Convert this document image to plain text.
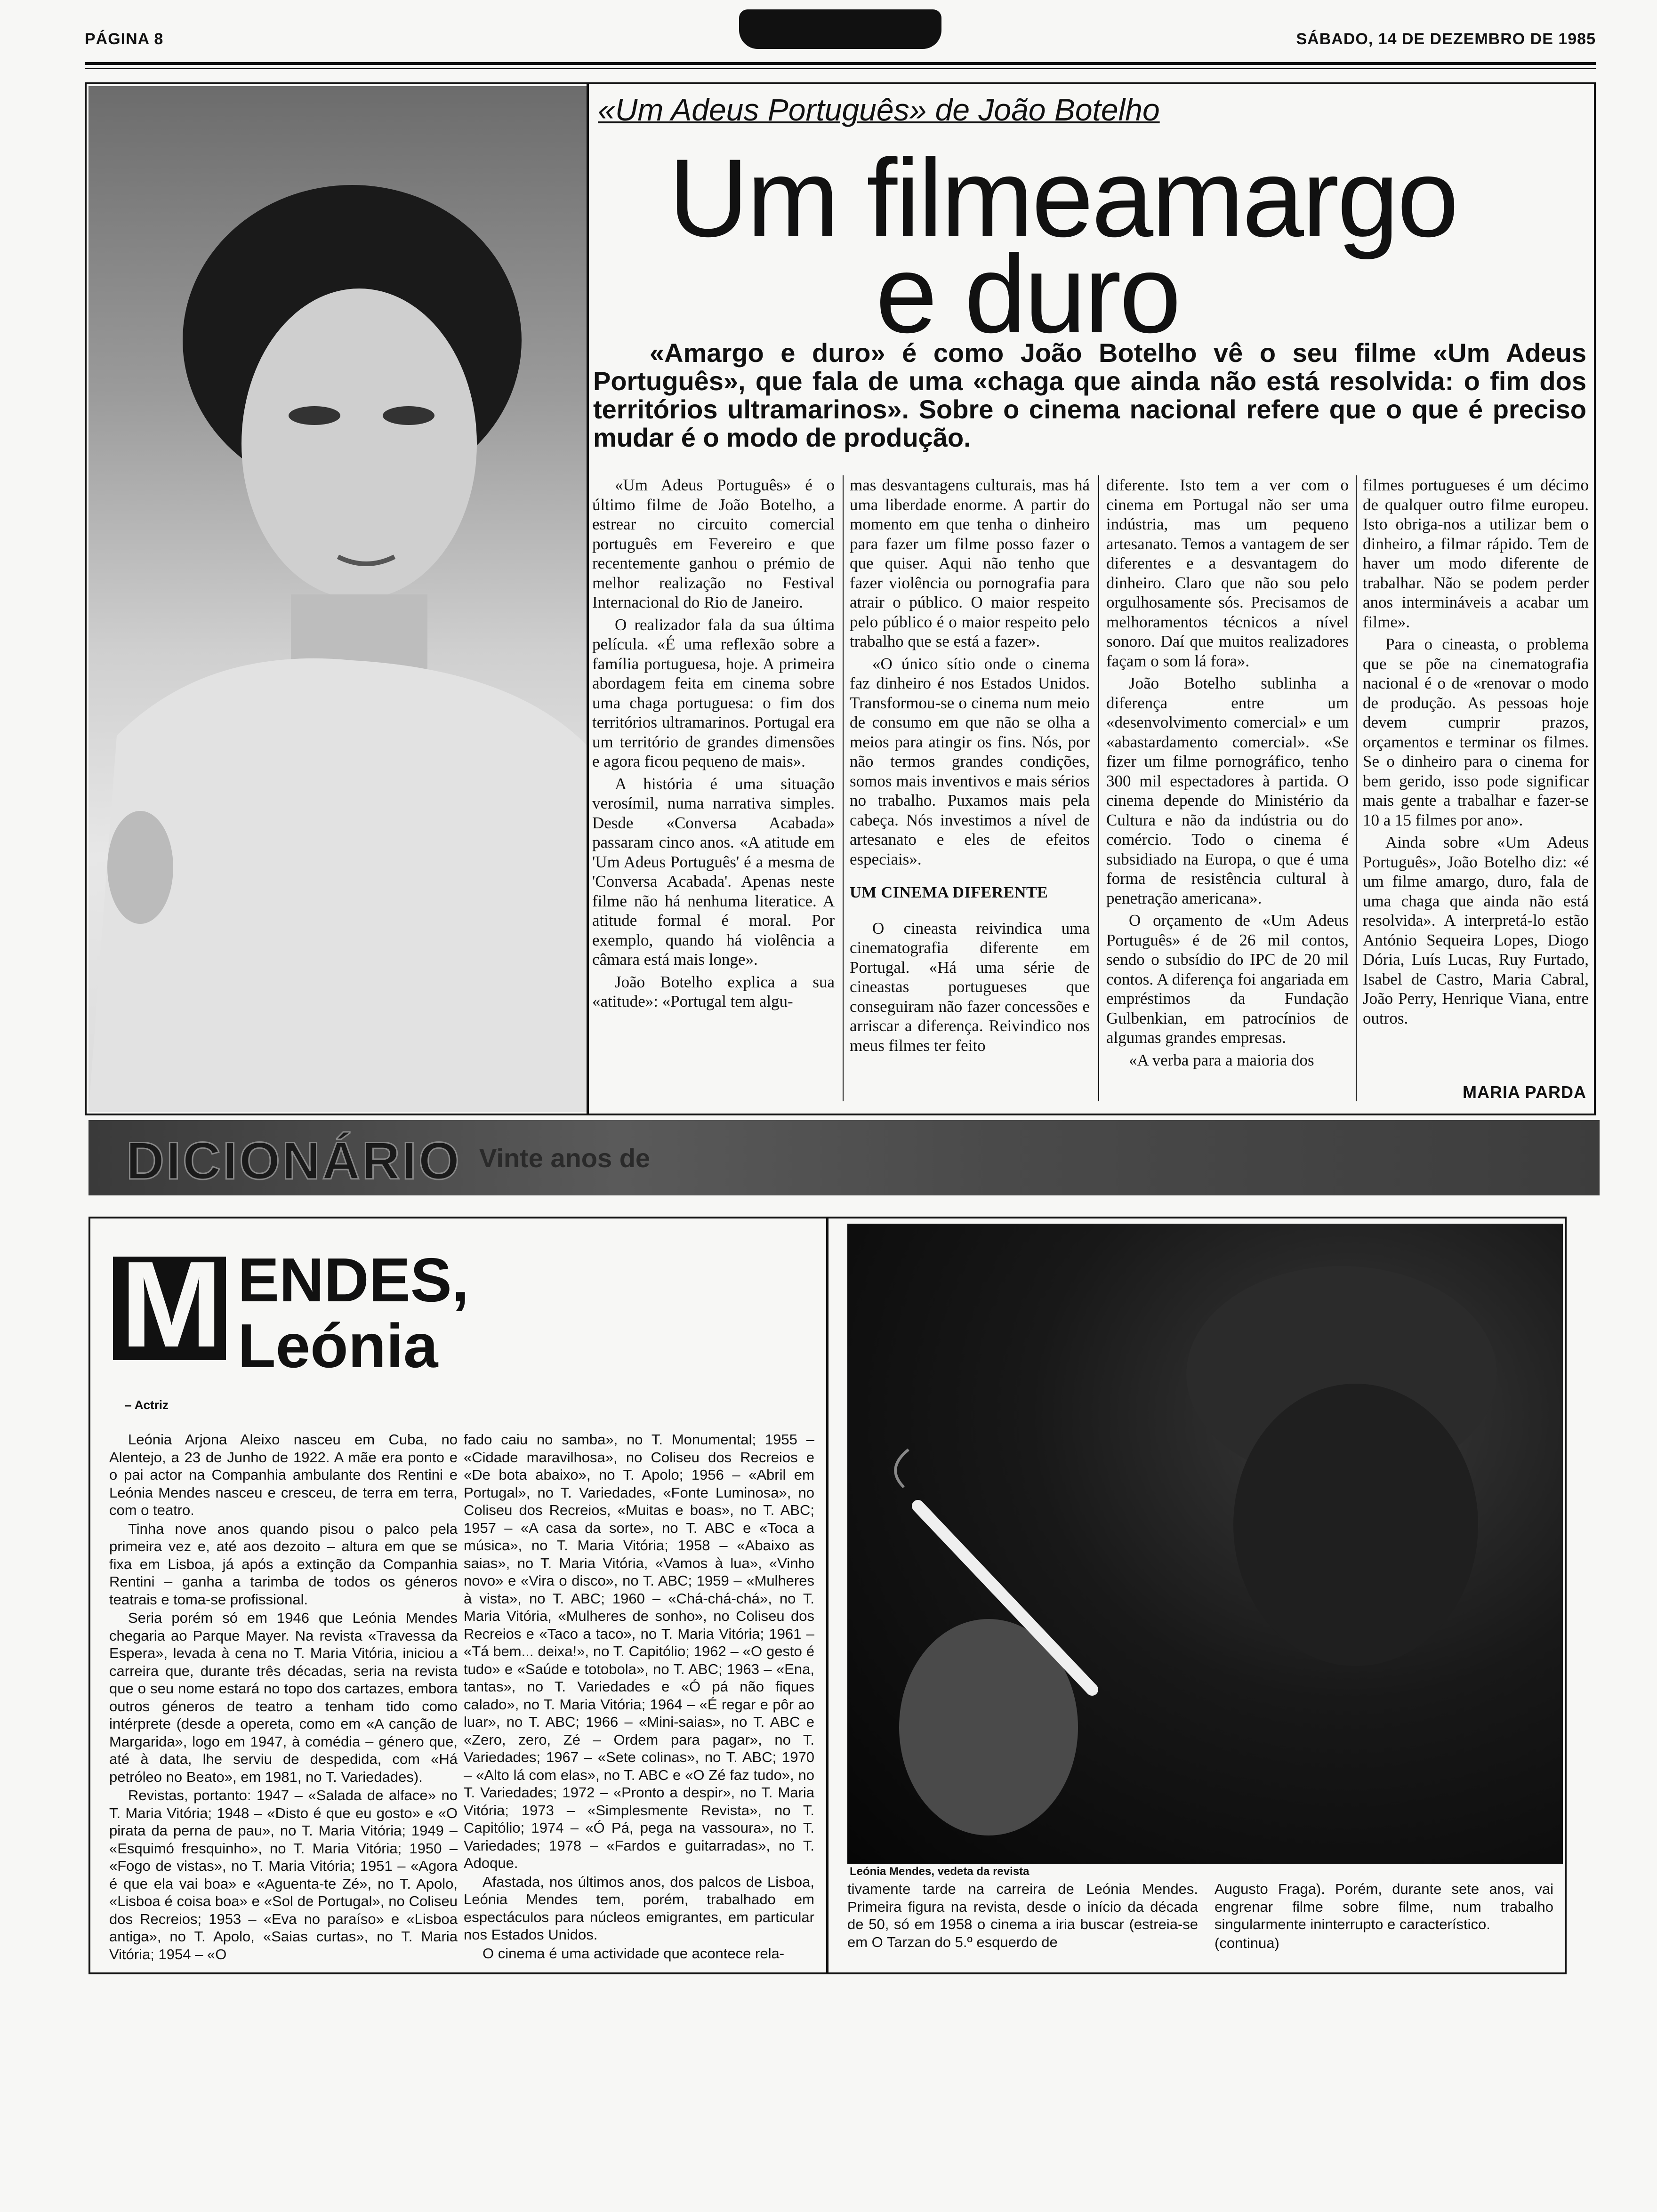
PÁGINA 8	SÁBADO, 14 DE DEZEMBRO DE 1985
«Um Adeus Português» de João Botelho
Um filmeamargo
e duro
«Amargo e duro» é como João Botelho vê o seu filme «Um Adeus Português», que fala de uma «chaga que ainda não está resolvida: o fim dos territórios ultramarinos». Sobre o cinema nacional refere que o que é preciso mudar é o modo de produção.

«Um Adeus Português» é o último filme de João Botelho, a estrear no circuito comercial português em Fevereiro e que recentemente ganhou o prémio de melhor realização no Festival Internacional do Rio de Janeiro.

O realizador fala da sua última película. «É uma reflexão sobre a família portuguesa, hoje. A primeira abordagem feita em cinema sobre uma chaga portuguesa: o fim dos territórios ultramarinos. Portugal era um território de grandes dimensões e agora ficou pequeno de mais».

A história é uma situação verosímil, numa narrativa simples. Desde «Conversa Acabada» passaram cinco anos. «A atitude em 'Um Adeus Português' é a mesma de 'Conversa Acabada'. Apenas neste filme não há nenhuma literatice. A atitude formal é moral. Por exemplo, quando há violência a câmara está mais longe».

João Botelho explica a sua «atitude»: «Portugal tem algu-

mas desvantagens culturais, mas há uma liberdade enorme. A partir do momento em que tenha o dinheiro para fazer um filme posso fazer o que quiser. Aqui não tenho que fazer violência ou pornografia para atrair o público. O maior respeito pelo público é o maior respeito pelo trabalho que se está a fazer».

«O único sítio onde o cinema faz dinheiro é nos Estados Unidos. Transformou-se o cinema num meio de consumo em que não se olha a meios para atingir os fins. Nós, por não termos grandes condições, somos mais inventivos e mais sérios no trabalho. Puxamos mais pela cabeça. Nós investimos a nível de artesanato e eles de efeitos especiais».

UM CINEMA DIFERENTE

O cineasta reivindica uma cinematografia diferente em Portugal. «Há uma série de cineastas portugueses que conseguiram não fazer concessões e arriscar a diferença. Reivindico nos meus filmes ter feito

diferente. Isto tem a ver com o cinema em Portugal não ser uma indústria, mas um pequeno artesanato. Temos a vantagem de ser diferentes e a desvantagem do dinheiro. Claro que não sou pelo orgulhosamente sós. Precisamos de melhoramentos técnicos a nível sonoro. Daí que muitos realizadores façam o som lá fora».

João Botelho sublinha a diferença entre um «desenvolvimento comercial» e um «abastardamento comercial». «Se fizer um filme pornográfico, tenho 300 mil espectadores à partida. O cinema depende do Ministério da Cultura e não da indústria ou do comércio. Todo o cinema é subsidiado na Europa, o que é uma forma de resistência cultural à penetração americana».

O orçamento de «Um Adeus Português» é de 26 mil contos, sendo o subsídio do IPC de 20 mil contos. A diferença foi angariada em empréstimos da Fundação Gulbenkian, em patrocínios de algumas grandes empresas.

«A verba para a maioria dos

filmes portugueses é um décimo de qualquer outro filme europeu. Isto obriga-nos a utilizar bem o dinheiro, a filmar rápido. Tem de haver um modo diferente de trabalhar. Não se podem perder anos intermináveis a acabar um filme».

Para o cineasta, o problema que se põe na cinematografia nacional é o de «renovar o modo de produção. As pessoas hoje devem cumprir prazos, orçamentos e terminar os filmes. Se o dinheiro para o cinema for bem gerido, isso pode significar mais gente a trabalhar e fazer-se 10 a 15 filmes por ano».

Ainda sobre «Um Adeus Português», João Botelho diz: «é um filme amargo, duro, fala de uma chaga que ainda não está resolvida». A interpretá-lo estão António Sequeira Lopes, Diogo Dória, Luís Lucas, Ruy Furtado, Isabel de Castro, Maria Cabral, João Perry, Henrique Viana, entre outros.

MARIA PARDA
DICIONÁRIO Vinte anos de
M ENDES,
Leónia
– Actriz

Leónia Arjona Aleixo nasceu em Cuba, no Alentejo, a 23 de Junho de 1922. A mãe era ponto e o pai actor na Companhia ambulante dos Rentini e Leónia Mendes nasceu e cresceu, de terra em terra, com o teatro.

Tinha nove anos quando pisou o palco pela primeira vez e, até aos dezoito – altura em que se fixa em Lisboa, já após a extinção da Companhia Rentini – ganha a tarimba de todos os géneros teatrais e toma-se profissional.

Seria porém só em 1946 que Leónia Mendes chegaria ao Parque Mayer. Na revista «Travessa da Espera», levada à cena no T. Maria Vitória, iniciou a carreira que, durante três décadas, seria na revista que o seu nome estará no topo dos cartazes, embora outros géneros de teatro a tenham tido como intérprete (desde a opereta, como em «A canção de Margarida», logo em 1947, à comédia – género que, até à data, lhe serviu de despedida, com «Há petróleo no Beato», em 1981, no T. Variedades).

Revistas, portanto: 1947 – «Salada de alface» no T. Maria Vitória; 1948 – «Disto é que eu gosto» e «O pirata da perna de pau», no T. Maria Vitória; 1949 – «Esquimó fresquinho», no T. Maria Vitória; 1950 – «Fogo de vistas», no T. Maria Vitória; 1951 – «Agora é que ela vai boa» e «Aguenta-te Zé», no T. Apolo, «Lisboa é coisa boa» e «Sol de Portugal», no Coliseu dos Recreios; 1953 – «Eva no paraíso» e «Lisboa antiga», no T. Apolo, «Saias curtas», no T. Maria Vitória; 1954 – «O

fado caiu no samba», no T. Monumental; 1955 – «Cidade maravilhosa», no Coliseu dos Recreios e «De bota abaixo», no T. Apolo; 1956 – «Abril em Portugal», no T. Variedades, «Fonte Luminosa», no Coliseu dos Recreios, «Muitas e boas», no T. ABC; 1957 – «A casa da sorte», no T. ABC e «Toca a música», no T. Maria Vitória; 1958 – «Abaixo as saias», no T. Maria Vitória, «Vamos à lua», «Vinho novo» e «Vira o disco», no T. ABC; 1959 – «Mulheres à vista», no T. ABC; 1960 – «Chá-chá-chá», no T. Maria Vitória, «Mulheres de sonho», no Coliseu dos Recreios e «Taco a taco», no T. Maria Vitória; 1961 – «Tá bem... deixa!», no T. Capitólio; 1962 – «O gesto é tudo» e «Saúde e totobola», no T. ABC; 1963 – «Ena, tantas», no T. Variedades e «Ó pá não fiques calado», no T. Maria Vitória; 1964 – «É regar e pôr ao luar», no T. ABC; 1966 – «Mini-saias», no T. ABC e «Zero, zero, Zé – Ordem para pagar», no T. Variedades; 1967 – «Sete colinas», no T. ABC; 1970 – «Alto lá com elas», no T. ABC e «O Zé faz tudo», no T. Variedades; 1972 – «Pronto a despir», no T. Maria Vitória; 1973 – «Simplesmente Revista», no T. Capitólio; 1974 – «Ó Pá, pega na vassoura», no T. Variedades; 1978 – «Fardos e guitarradas», no T. Adoque.

Afastada, nos últimos anos, dos palcos de Lisboa, Leónia Mendes tem, porém, trabalhado em espectáculos para núcleos emigrantes, em particular nos Estados Unidos.

O cinema é uma actividade que acontece rela-

Leónia Mendes, vedeta da revista

tivamente tarde na carreira de Leónia Mendes. Primeira figura na revista, desde o início da década de 50, só em 1958 o cinema a iria buscar (estreia-se em O Tarzan do 5.º esquerdo de

Augusto Fraga). Porém, durante sete anos, vai engrenar filme sobre filme, num trabalho singularmente ininterrupto e característico.

(continua)
